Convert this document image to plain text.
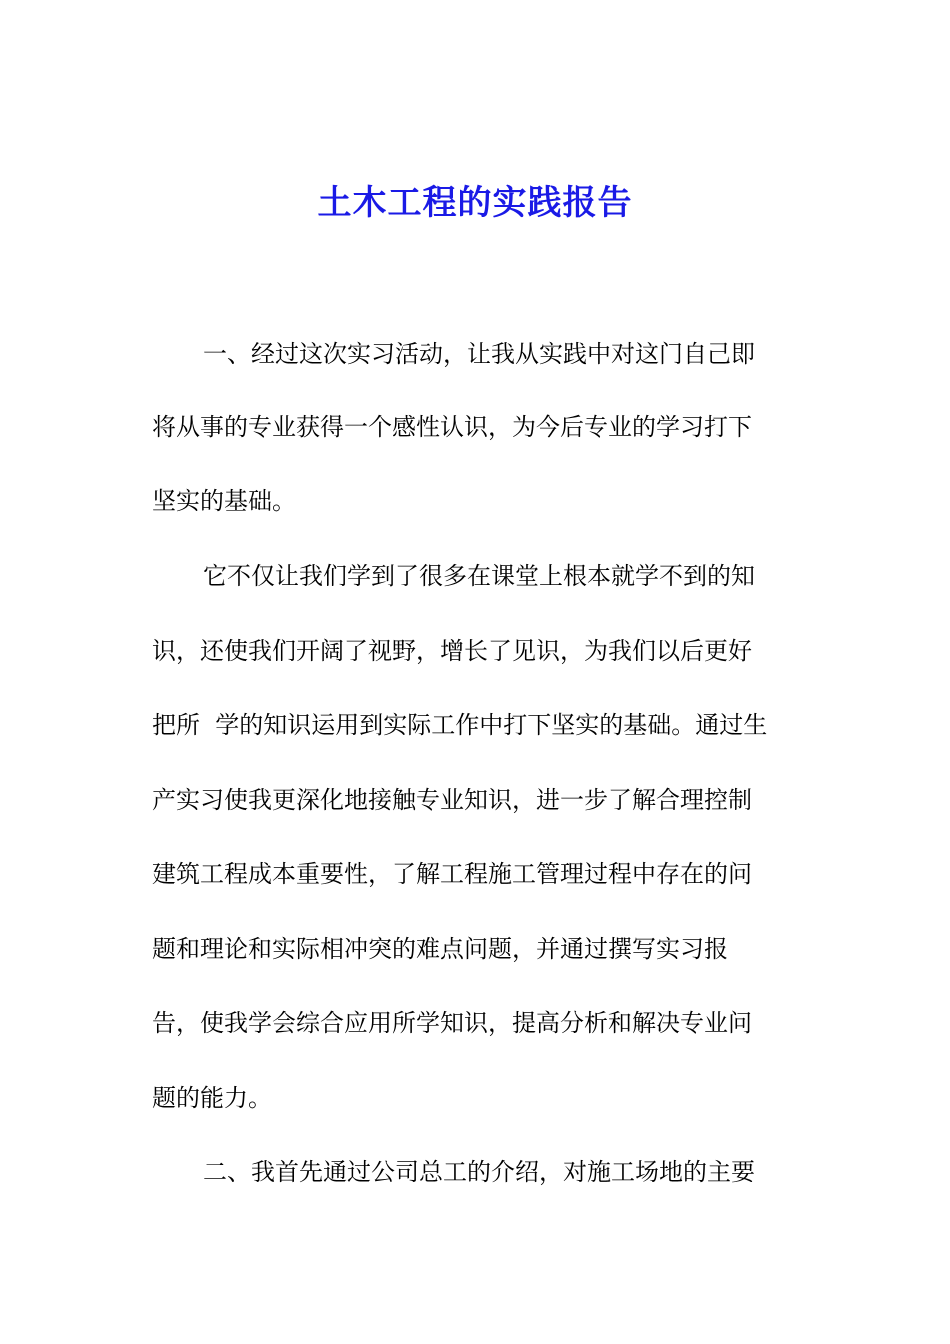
土木工程的实践报告

一、经过这次实习活动，让我从实践中对这门自己即

将从事的专业获得一个感性认识，为今后专业的学习打下

坚实的基础。

它不仅让我们学到了很多在课堂上根本就学不到的知

识，还使我们开阔了视野，增长了见识，为我们以后更好

把所  学的知识运用到实际工作中打下坚实的基础。通过生

产实习使我更深化地接触专业知识，进一步了解合理控制

建筑工程成本重要性，了解工程施工管理过程中存在的问

题和理论和实际相冲突的难点问题，并通过撰写实习报

告，使我学会综合应用所学知识，提高分析和解决专业问

题的能力。

二、我首先通过公司总工的介绍，对施工场地的主要
